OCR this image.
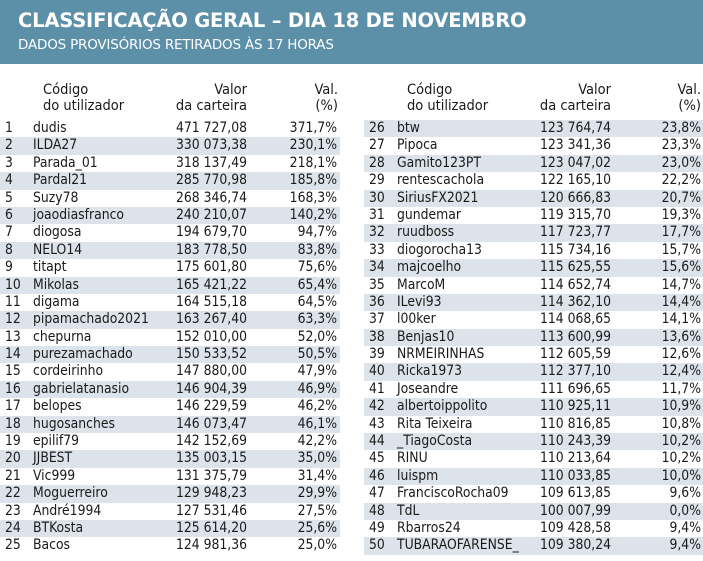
CLASSIFICAÇÃO GERAL – DIA 18 DE NOVEMBRO
DADOS PROVISÓRIOS RETIRADOS ÀS 17 HORAS
Código
do utilizador
Valor
da carteira
Val.
(%)
1	dudis	471 727,08	371,7%
2	ILDA27	330 073,38	230,1%
3	Parada_01	318 137,49	218,1%
4	Pardal21	285 770,98	185,8%
5	Suzy78	268 346,74	168,3%
6	joaodiasfranco	240 210,07	140,2%
7	diogosa	194 679,70	94,7%
8	NELO14	183 778,50	83,8%
9	titapt	175 601,80	75,6%
10 Mikolas	165 421,22	65,4%
11 digama	164 515,18	64,5%
12 pipamachado2021	163 267,40	63,3%
13 chepurna	152 010,00	52,0%
14 purezamachado	150 533,52	50,5%
15 cordeirinho	147 880,00	47,9%
16 gabrielatanasio	146 904,39	46,9%
17 belopes	146 229,59	46,2%
18 hugosanches	146 073,47	46,1%
19 epilif79	142 152,69	42,2%
20 JJBEST	135 003,15	35,0%
21 Vic999	131 375,79	31,4%
22 Moguerreiro	129 948,23	29,9%
23 André1994	127 531,46	27,5%
24 BTKosta	125 614,20	25,6%
25 Bacos	124 981,36	25,0%
Código
do utilizador
Valor
da carteira
Val.
(%)
26 btw	123 764,74	23,8%
27 Pipoca	123 341,36	23,3%
28 Gamito123PT	123 047,02	23,0%
29 rentescachola	122 165,10	22,2%
30 SiriusFX2021	120 666,83	20,7%
31 gundemar	119 315,70	19,3%
32 ruudboss	117 723,77	17,7%
33 diogorocha13	115 734,16	15,7%
34 majcoelho	115 625,55	15,6%
35 MarcoM	114 652,74	14,7%
36 ILevi93	114 362,10	14,4%
37 l00ker	114 068,65	14,1%
38 Benjas10	113 600,99	13,6%
39 NRMEIRINHAS	112 605,59	12,6%
40 Ricka1973	112 377,10	12,4%
41 Joseandre	111 696,65	11,7%
42 albertoippolito	110 925,11	10,9%
43 Rita Teixeira	110 816,85	10,8%
44 _TiagoCosta	110 243,39	10,2%
45 RINU	110 213,64	10,2%
46 luispm	110 033,85	10,0%
47 FranciscoRocha09	109 613,85	9,6%
48 TdL	100 007,99	0,0%
49 Rbarros24	109 428,58	9,4%
50 TUBARAOFARENSE_	109 380,24	9,4%
